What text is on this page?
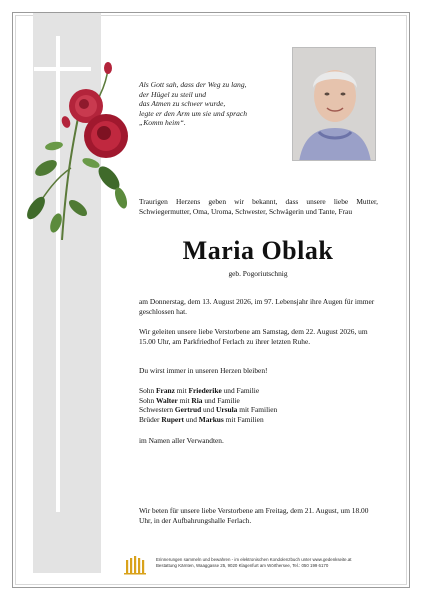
Als Gott sah, dass der Weg zu lang,
der Hügel zu steil und
das Atmen zu schwer wurde,
legte er den Arm um sie und sprach
„Komm heim“.
Traurigen Herzens geben wir bekannt, dass unsere liebe Mutter, Schwiegermutter, Oma, Uroma, Schwester, Schwägerin und Tante, Frau
Maria Oblak
geb. Pogoriutschnig
am Donnerstag, dem 13. August 2026, im 97. Lebensjahr ihre Augen für immer geschlossen hat.
Wir geleiten unsere liebe Verstorbene am Samstag, dem 22. August 2026, um 15.00 Uhr, am Parkfriedhof Ferlach zu ihrer letzten Ruhe.
Du wirst immer in unseren Herzen bleiben!
Sohn Franz mit Friederike und Familie
Sohn Walter mit Ria und Familie
Schwestern Gertrud und Ursula mit Familien
Brüder Rupert und Markus mit Familien
im Namen aller Verwandten.
Wir beten für unsere liebe Verstorbene am Freitag, dem 21. August, um 18.00 Uhr, in der Aufbahrungshalle Ferlach.
Erinnerungen sammeln und bewahren - im elektronischen Kondolenzbuch unter www.gedenkseite.at
Bestattung Kärnten, Waaggasse 25, 9020 Klagenfurt am Wörthersee, Tel.: 050 199 6170
